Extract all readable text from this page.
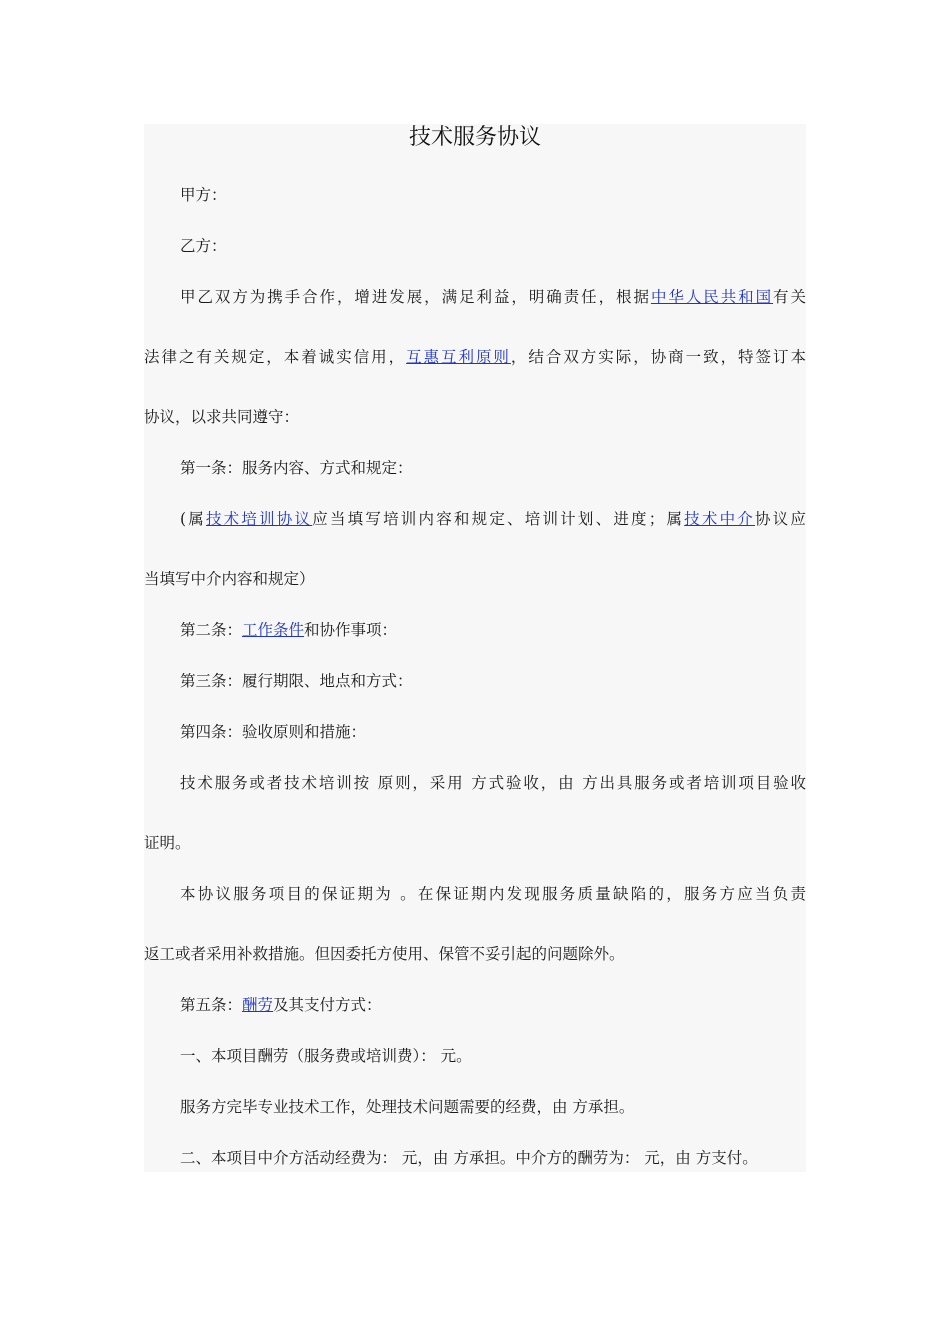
技术服务协议
甲方：
乙方：
甲乙双方为携手合作，增进发展，满足利益，明确责任，根据中华人民共和国有关
法律之有关规定，本着诚实信用，互惠互利原则，结合双方实际，协商一致，特签订本
协议，以求共同遵守：
第一条：服务内容、方式和规定：
(属技术培训协议应当填写培训内容和规定、培训计划、进度；属技术中介协议应
当填写中介内容和规定）
第二条：工作条件和协作事项：
第三条：履行期限、地点和方式：
第四条：验收原则和措施：
技术服务或者技术培训按 原则，采用 方式验收，由 方出具服务或者培训项目验收
证明。
本协议服务项目的保证期为 。在保证期内发现服务质量缺陷的，服务方应当负责
返工或者采用补救措施。但因委托方使用、保管不妥引起的问题除外。
第五条：酬劳及其支付方式：
一、本项目酬劳（服务费或培训费）： 元。
服务方完毕专业技术工作，处理技术问题需要的经费，由 方承担。
二、本项目中介方活动经费为： 元，由 方承担。中介方的酬劳为： 元，由 方支付。
